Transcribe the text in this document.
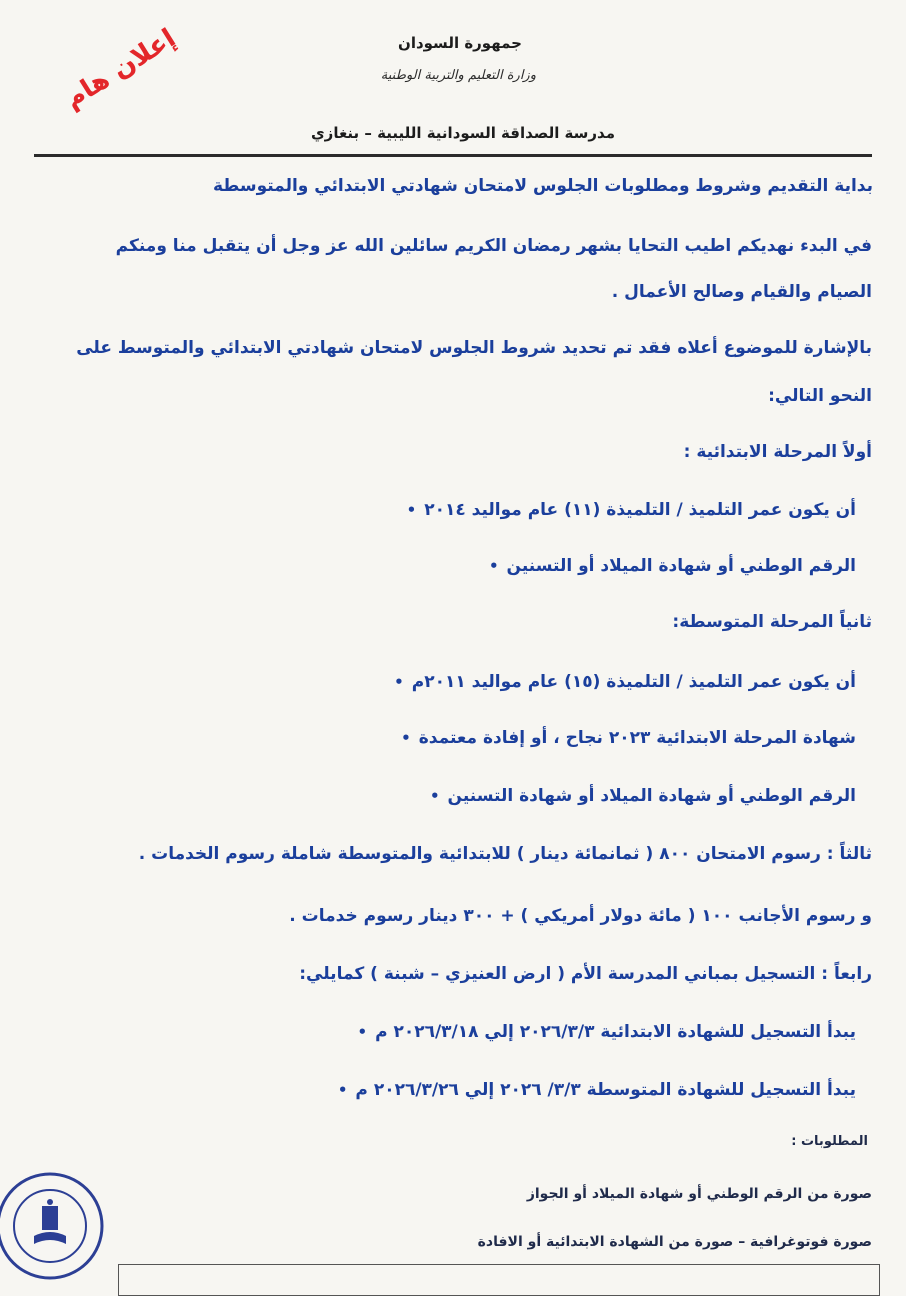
جمهورة السودان
وزارة التعليم والتربية الوطنية
مدرسة الصداقة السودانية الليبية – بنغازي
إعلان هام
بداية التقديم وشروط ومطلوبات الجلوس لامتحان شهادتي الابتدائي والمتوسطة
في البدء نهديكم اطيب التحايا بشهر رمضان الكريم سائلين الله عز وجل أن يتقبل منا ومنكم
الصيام والقيام وصالح الأعمال .
بالإشارة للموضوع أعلاه فقد تم تحديد شروط الجلوس لامتحان شهادتي الابتدائي والمتوسط على
النحو التالي:
أولاً المرحلة الابتدائية :
أن يكون عمر التلميذ / التلميذة (١١) عام مواليد ٢٠١٤ •
الرقم الوطني أو شهادة الميلاد أو التسنين •
ثانياً المرحلة المتوسطة:
أن يكون عمر التلميذ / التلميذة (١٥) عام مواليد ٢٠١١م •
شهادة المرحلة الابتدائية ٢٠٢٣ نجاح ، أو إفادة معتمدة •
الرقم الوطني أو شهادة الميلاد أو شهادة التسنين •
ثالثاً : رسوم الامتحان ٨٠٠ ( ثمانمائة دينار ) للابتدائية والمتوسطة شاملة رسوم الخدمات .
و رسوم الأجانب ١٠٠ ( مائة دولار أمريكي ) + ٣٠٠ دينار رسوم خدمات .
رابعاً : التسجيل بمباني المدرسة الأم ( ارض العنيزي – شبنة ) كمايلي:
يبدأ التسجيل للشهادة الابتدائية ٢٠٢٦/٣/٣ إلي ٢٠٢٦/٣/١٨ م •
يبدأ التسجيل للشهادة المتوسطة ٣/٣/ ٢٠٢٦ إلي ٢٠٢٦/٣/٢٦ م •
المطلوبات :
صورة من الرقم الوطني أو شهادة الميلاد أو الجواز
صورة فوتوغرافية – صورة من الشهادة الابتدائية أو الافادة
